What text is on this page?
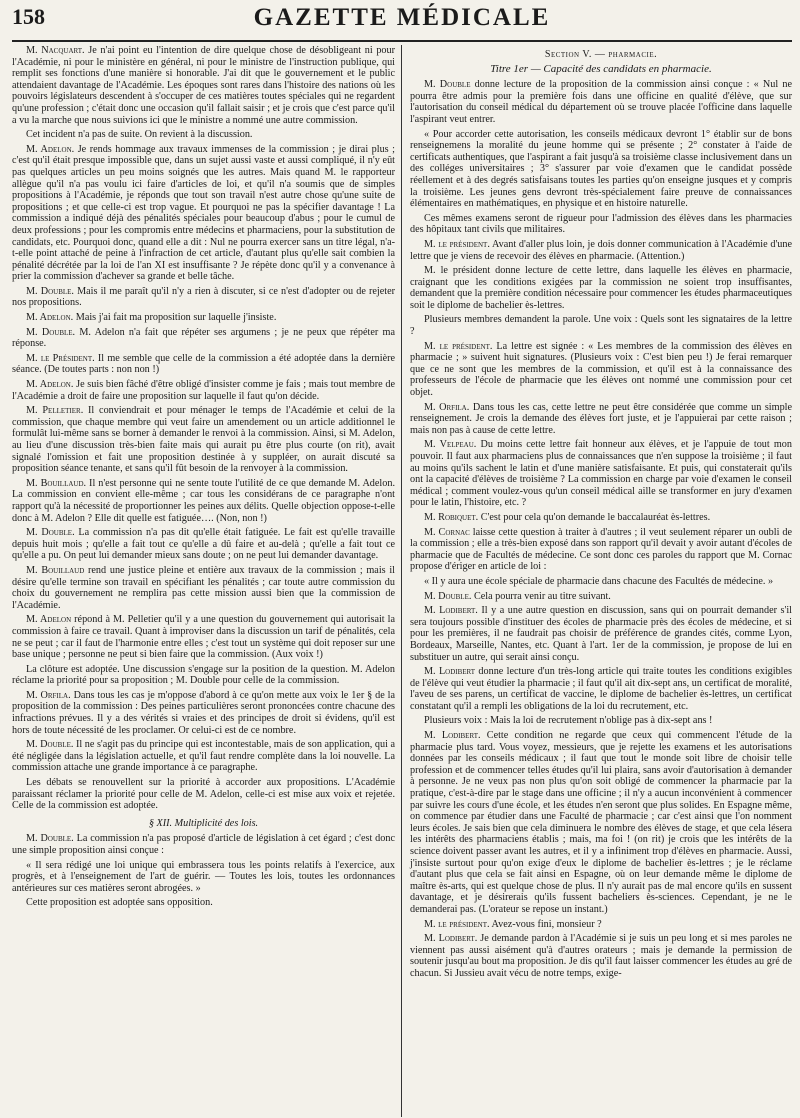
158	GAZETTE MÉDICALE

M. Nacquart. Je n'ai point eu l'intention de dire quelque chose de désobligeant ni pour l'Académie, ni pour le ministère en général, ni pour le ministre de l'instruction publique, qui remplit ses fonctions d'une manière si honorable. J'ai dit que le gouvernement et le public attendaient davantage de l'Académie. Les époques sont rares dans l'histoire des nations où les pouvoirs législateurs descendent à s'occuper de ces matières toutes spéciales qui ne regardent qu'une profession ; c'était donc une occasion qu'il fallait saisir ; et je crois que c'est parce qu'il a vu la marche que nous suivions ici que le ministre a nommé une autre commission.

Cet incident n'a pas de suite. On revient à la discussion.

M. Adelon. Je rends hommage aux travaux immenses de la commission ; je dirai plus ; c'est qu'il était presque impossible que, dans un sujet aussi vaste et aussi compliqué, il n'y eût pas quelques articles un peu moins soignés que les autres. Mais quand M. le rapporteur allègue qu'il n'a pas voulu ici faire d'articles de loi, et qu'il n'a soumis que de simples propositions à l'Académie, je réponds que tout son travail n'est autre chose qu'une suite de propositions ; et que celle-ci est trop vague. Et pourquoi ne pas la spécifier davantage ! La commission a indiqué déjà des pénalités spéciales pour beaucoup d'abus ; pour le cumul de deux professions ; pour les compromis entre médecins et pharmaciens, pour la substitution de candidats, etc. Pourquoi donc, quand elle a dit : Nul ne pourra exercer sans un titre légal, n'a-t-elle point attaché de peine à l'infraction de cet article, d'autant plus qu'elle sait combien la pénalité décrétée par la loi de l'an XI est insuffisante ? Je répète donc qu'il y a convenance à prier la commission d'achever sa grande et belle tâche.

M. Double. Mais il me paraît qu'il n'y a rien à discuter, si ce n'est d'adopter ou de rejeter nos propositions.

M. Adelon. Mais j'ai fait ma proposition sur laquelle j'insiste.

M. Double. M. Adelon n'a fait que répéter ses argumens ; je ne peux que répéter ma réponse.

M. le Président. Il me semble que celle de la commission a été adoptée dans la dernière séance. (De toutes parts : non non !)

M. Adelon. Je suis bien fâché d'être obligé d'insister comme je fais ; mais tout membre de l'Académie a droit de faire une proposition sur laquelle il faut qu'on décide.

M. Pelletier. Il conviendrait et pour ménager le temps de l'Académie et celui de la commission, que chaque membre qui veut faire un amendement ou un article additionnel le formulât lui-même sans se borner à demander le renvoi à la commission. Ainsi, si M. Adelon, au lieu d'une discussion très-bien faite mais qui aurait pu être plus courte (on rit), avait signalé l'omission et fait une proposition destinée à y suppléer, on aurait discuté sa proposition séance tenante, et sans qu'il fût besoin de la renvoyer à la commission.

M. Bouillaud. Il n'est personne qui ne sente toute l'utilité de ce que demande M. Adelon. La commission en convient elle-même ; car tous les considérans de ce paragraphe n'ont rapport qu'à la nécessité de proportionner les peines aux délits. Quelle objection oppose-t-elle donc à M. Adelon ? Elle dit quelle est fatiguée…. (Non, non !)

M. Double. La commission n'a pas dit qu'elle était fatiguée. Le fait est qu'elle travaille depuis huit mois ; qu'elle a fait tout ce qu'elle a dû faire et au-delà ; qu'elle a fait tout ce qu'elle a pu. On peut lui demander mieux sans doute ; on ne peut lui demander davantage.

M. Bouillaud rend une justice pleine et entière aux travaux de la commission ; mais il désire qu'elle termine son travail en spécifiant les pénalités ; car toute autre commission du choix du gouvernement ne remplira pas cette mission aussi bien que la commission de l'Académie.

M. Adelon répond à M. Pelletier qu'il y a une question du gouvernement qui autorisait la commission à faire ce travail. Quant à improviser dans la discussion un tarif de pénalités, cela ne se peut ; car il faut de l'harmonie entre elles ; c'est tout un système qui doit reposer sur une base unique ; personne ne peut si bien faire que la commission. (Aux voix !)

La clôture est adoptée. Une discussion s'engage sur la position de la question. M. Adelon réclame la priorité pour sa proposition ; M. Double pour celle de la commission.

M. Orfila. Dans tous les cas je m'oppose d'abord à ce qu'on mette aux voix le 1er § de la proposition de la commission : Des peines particulières seront prononcées contre chacune des infractions prévues. Il y a des vérités si vraies et des principes de droit si évidens, qu'il est hors de toute nécessité de les proclamer. Or celui-ci est de ce nombre.

M. Double. Il ne s'agit pas du principe qui est incontestable, mais de son application, qui a été négligée dans la législation actuelle, et qu'il faut rendre complète dans la loi nouvelle. La commission attache une grande importance à ce paragraphe.

Les débats se renouvellent sur la priorité à accorder aux propositions. L'Académie paraissant réclamer la priorité pour celle de M. Adelon, celle-ci est mise aux voix et rejetée. Celle de la commission est adoptée.

§ XII. Multiplicité des lois.

M. Double. La commission n'a pas proposé d'article de législation à cet égard ; c'est donc une simple proposition ainsi conçue :

« Il sera rédigé une loi unique qui embrassera tous les points relatifs à l'exercice, aux progrès, et à l'enseignement de l'art de guérir. — Toutes les lois, toutes les ordonnances antérieures sur ces matières seront abrogées. »

Cette proposition est adoptée sans opposition.

Section V. — pharmacie.
Titre 1er — Capacité des candidats en pharmacie.

M. Double donne lecture de la proposition de la commission ainsi conçue : « Nul ne pourra être admis pour la première fois dans une officine en qualité d'élève, que sur l'autorisation du conseil médical du département où se trouve placée l'officine dans laquelle l'aspirant veut entrer.

« Pour accorder cette autorisation, les conseils médicaux devront 1° établir sur de bons renseignemens la moralité du jeune homme qui se présente ; 2° constater à l'aide de certificats authentiques, que l'aspirant a fait jusqu'à sa troisième classe inclusivement dans un des colléges universitaires ; 3° s'assurer par voie d'examen que le candidat possède réellement et à des degrés satisfaisans toutes les parties qu'on enseigne jusques et y compris la troisième. Les jeunes gens devront très-spécialement faire preuve de connaissances élémentaires en mathématiques, en physique et en histoire naturelle.

Ces mêmes examens seront de rigueur pour l'admission des élèves dans les pharmacies des hôpitaux tant civils que militaires.

M. le président. Avant d'aller plus loin, je dois donner communication à l'Académie d'une lettre que je viens de recevoir des élèves en pharmacie. (Attention.)

M. le président donne lecture de cette lettre, dans laquelle les élèves en pharmacie, craignant que les conditions exigées par la commission ne soient trop insuffisantes, demandent que la première condition nécessaire pour commencer les études pharmaceutiques soit le diplome de bachelier ès-lettres.

Plusieurs membres demandent la parole. Une voix : Quels sont les signataires de la lettre ?

M. le président. La lettre est signée : « Les membres de la commission des élèves en pharmacie ; » suivent huit signatures. (Plusieurs voix : C'est bien peu !) Je ferai remarquer que ce ne sont que les membres de la commission, et qu'il est à la connaissance des professeurs de l'école de pharmacie que les élèves ont nommé une commission pour cet objet.

M. Orfila. Dans tous les cas, cette lettre ne peut être considérée que comme un simple renseignement. Je crois la demande des élèves fort juste, et je l'appuierai par cette raison ; mais non pas à cause de cette lettre.

M. Velpeau. Du moins cette lettre fait honneur aux élèves, et je l'appuie de tout mon pouvoir. Il faut aux pharmaciens plus de connaissances que n'en suppose la troisième ; il faut au moins qu'ils sachent le latin et d'une manière satisfaisante. Et puis, qui constaterait qu'ils ont la capacité d'élèves de troisième ? La commission en charge par voie d'examen le conseil médical ; comment voulez-vous qu'un conseil médical aille se transformer en jury d'examen pour le latin, l'histoire, etc. ?

M. Robiquet. C'est pour cela qu'on demande le baccalauréat ès-lettres.

M. Cornac laisse cette question à traiter à d'autres ; il veut seulement réparer un oubli de la commission ; elle a très-bien exposé dans son rapport qu'il devait y avoir autant d'écoles de pharmacie que de Facultés de médecine. Ce sont donc ces paroles du rapport que M. Cornac propose d'ériger en article de loi :

« Il y aura une école spéciale de pharmacie dans chacune des Facultés de médecine. »

M. Double. Cela pourra venir au titre suivant.

M. Lodibert. Il y a une autre question en discussion, sans qui on pourrait demander s'il sera toujours possible d'instituer des écoles de pharmacie près des écoles de médecine, et si pour les premières, il ne faudrait pas choisir de préférence de grandes cités, comme Lyon, Bordeaux, Marseille, Nantes, etc. Quant à l'art. 1er de la commission, je propose de lui en substituer un autre, qui serait ainsi conçu.

M. Lodibert donne lecture d'un très-long article qui traite toutes les conditions exigibles de l'élève qui veut étudier la pharmacie ; il faut qu'il ait dix-sept ans, un certificat de moralité, l'aveu de ses parens, un certificat de vaccine, le diplome de bachelier ès-lettres, un certificat constatant qu'il a rempli les obligations de la loi du recrutement, etc.

Plusieurs voix : Mais la loi de recrutement n'oblige pas à dix-sept ans !

M. Lodibert. Cette condition ne regarde que ceux qui commencent l'étude de la pharmacie plus tard. Vous voyez, messieurs, que je rejette les examens et les autorisations données par les conseils médicaux ; il faut que tout le monde soit libre de choisir telle profession et de commencer telles études qu'il lui plaira, sans avoir d'autorisation à demander à personne. Je ne veux pas non plus qu'on soit obligé de commencer la pharmacie par la pratique, c'est-à-dire par le stage dans une officine ; il n'y a aucun inconvénient à commencer par suivre les cours d'une école, et les études n'en seront que plus solides. En Espagne même, on commence par étudier dans une Faculté de pharmacie ; car c'est ainsi que l'on nomment leurs écoles. Je sais bien que cela diminuera le nombre des élèves de stage, et que cela lésera les intérêts des pharmaciens établis ; mais, ma foi ! (on rit) je crois que les intérêts de la science doivent passer avant les autres, et il y a infiniment trop d'élèves en pharmacie. Aussi, j'insiste surtout pour qu'on exige d'eux le diplome de bachelier ès-lettres ; je le réclame d'autant plus que cela se fait ainsi en Espagne, où on leur demande même le diplome de maître ès-arts, qui est quelque chose de plus. Il n'y aurait pas de mal encore qu'ils en sussent davantage, et je désirerais qu'ils fussent bacheliers ès-sciences. Cependant, je ne le demanderai pas. (L'orateur se repose un instant.)

M. le président. Avez-vous fini, monsieur ?

M. Lodibert. Je demande pardon à l'Académie si je suis un peu long et si mes paroles ne viennent pas aussi aisément qu'à d'autres orateurs ; mais je demande la permission de soutenir jusqu'au bout ma proposition. Je dis qu'il faut laisser commencer les études au gré de chacun. Si Jussieu avait vécu de notre temps, exige-
